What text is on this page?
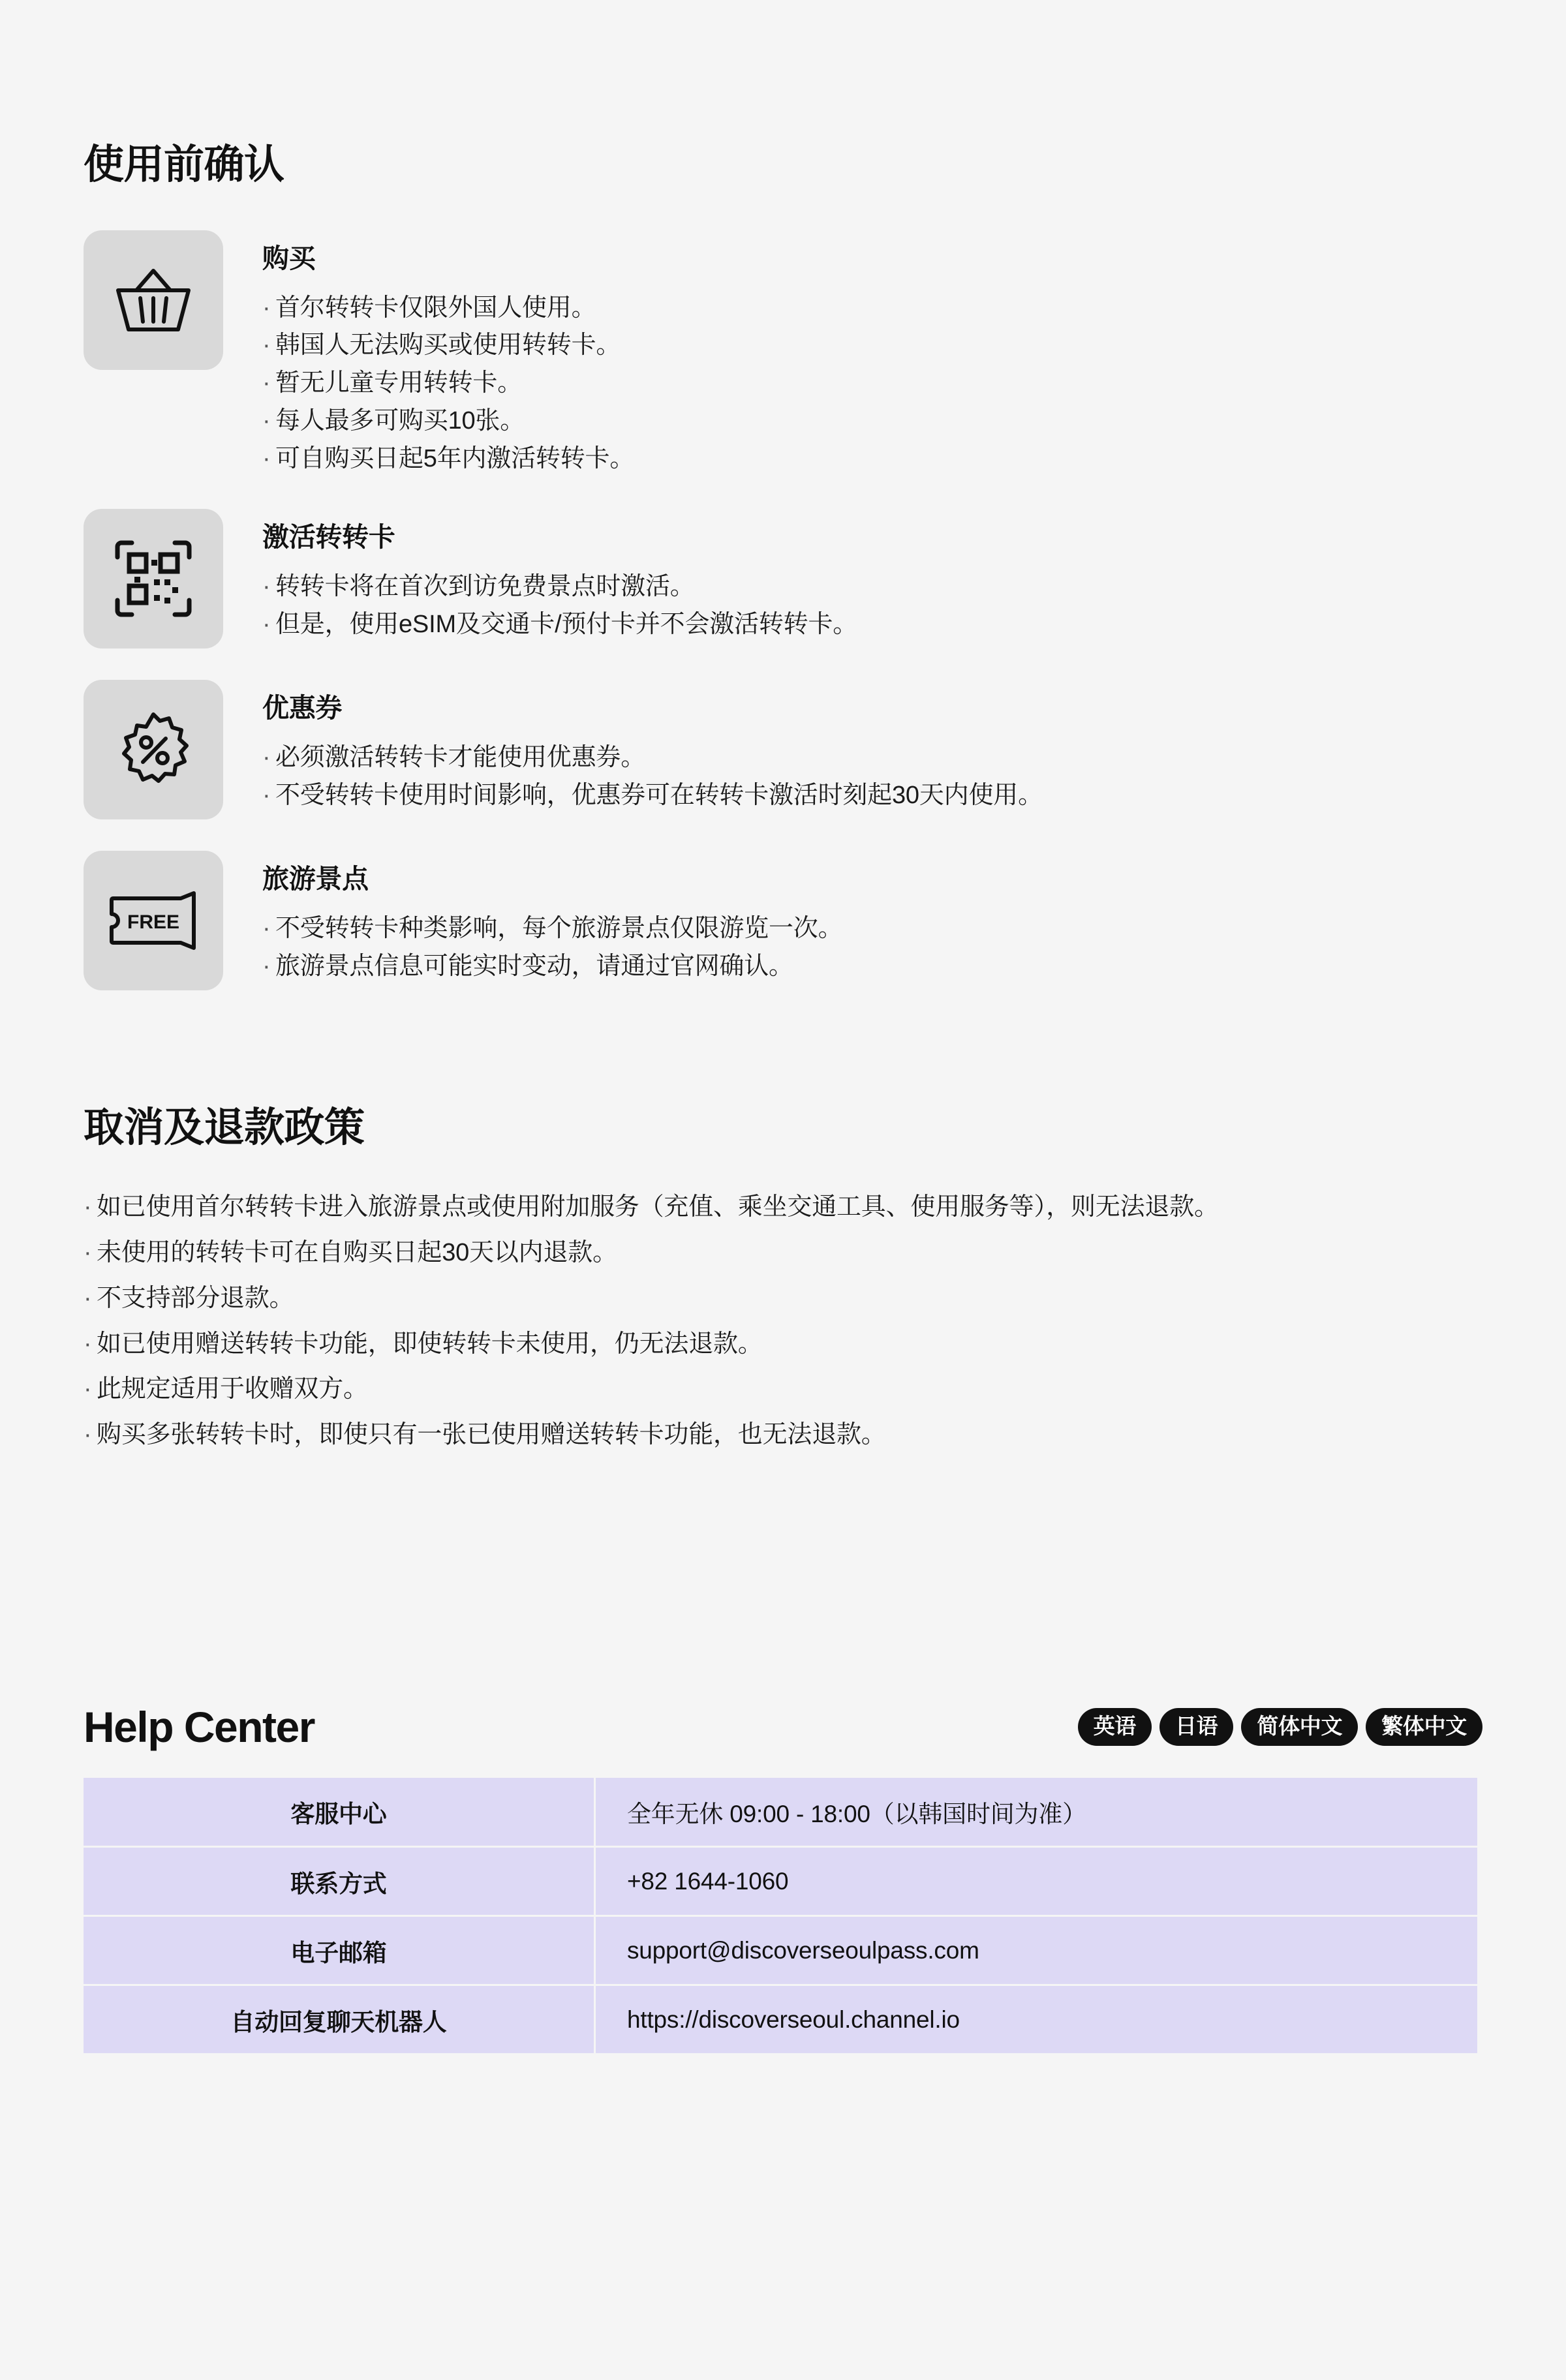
使用前确认
购买
· 首尔转转卡仅限外国人使用。
· 韩国人无法购买或使用转转卡。
· 暂无儿童专用转转卡。
· 每人最多可购买10张。
· 可自购买日起5年内激活转转卡。
激活转转卡
· 转转卡将在首次到访免费景点时激活。
· 但是，使用eSIM及交通卡/预付卡并不会激活转转卡。
优惠券
· 必须激活转转卡才能使用优惠券。
· 不受转转卡使用时间影响，优惠券可在转转卡激活时刻起30天内使用。
FREE
旅游景点
· 不受转转卡种类影响，每个旅游景点仅限游览一次。
· 旅游景点信息可能实时变动，请通过官网确认。
取消及退款政策
· 如已使用首尔转转卡进入旅游景点或使用附加服务（充值、乘坐交通工具、使用服务等），则无法退款。
· 未使用的转转卡可在自购买日起30天以内退款。
· 不支持部分退款。
· 如已使用赠送转转卡功能，即使转转卡未使用，仍无法退款。
· 此规定适用于收赠双方。
· 购买多张转转卡时，即使只有一张已使用赠送转转卡功能，也无法退款。
Help Center	英语	日语	简体中文	繁体中文
客服中心	全年无休 09:00 - 18:00（以韩国时间为准）
联系方式	+82 1644-1060
电子邮箱	support@discoverseoulpass.com
自动回复聊天机器人	https://discoverseoul.channel.io
